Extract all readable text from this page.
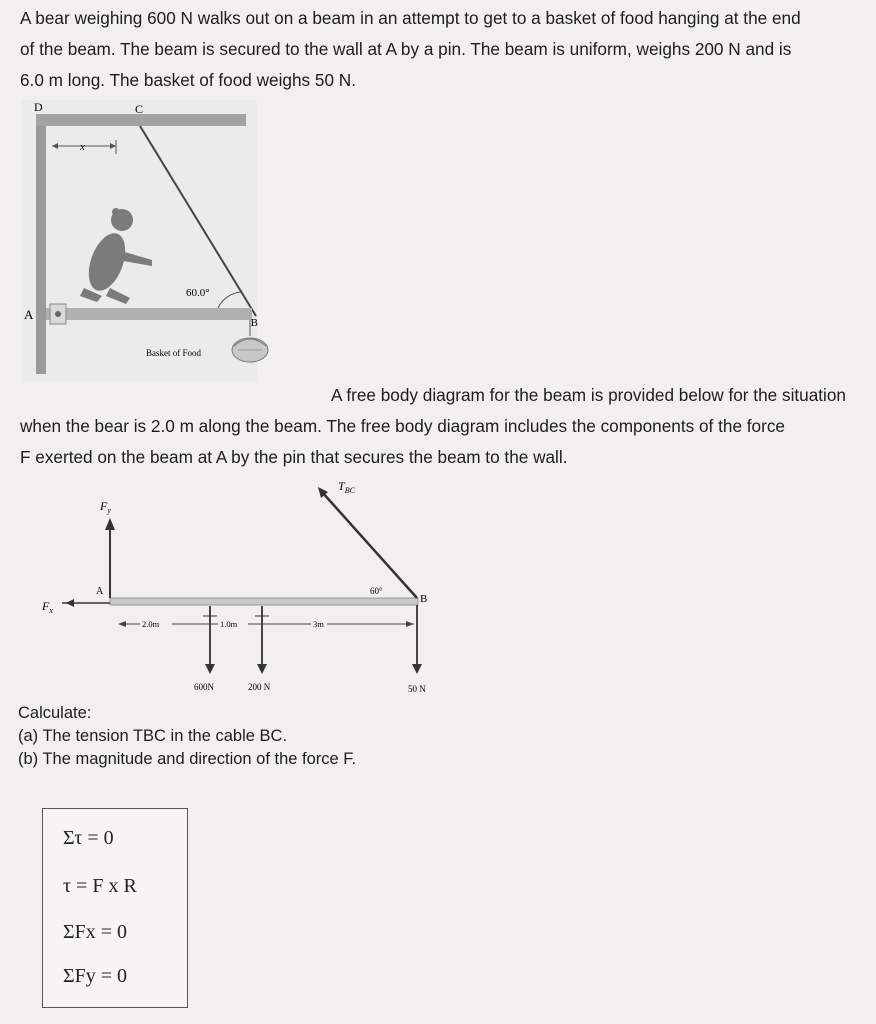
A bear weighing 600 N walks out on a beam in an attempt to get to a basket of food hanging at the end
of the beam. The beam is secured to the wall at A by a pin. The beam is uniform, weighs 200 N and is
6.0 m long. The basket of food weighs 50 N.
D	C
x
A
60.0°
B
Basket of Food
A free body diagram for the beam is provided below for the situation
when the bear is 2.0 m along the beam. The free body diagram includes the components of the force
F exerted on the beam at A by the pin that secures the beam to the wall.
$F_y$
$F_x$
A
$T_{BC}$
60°
B
2.0m	1.0m	3m
600N	200 N	50 N
Calculate:
(a) The tension TBC in the cable BC.
(b) The magnitude and direction of the force F.
Στ = 0
τ = F x R
ΣFx = 0
ΣFy = 0
